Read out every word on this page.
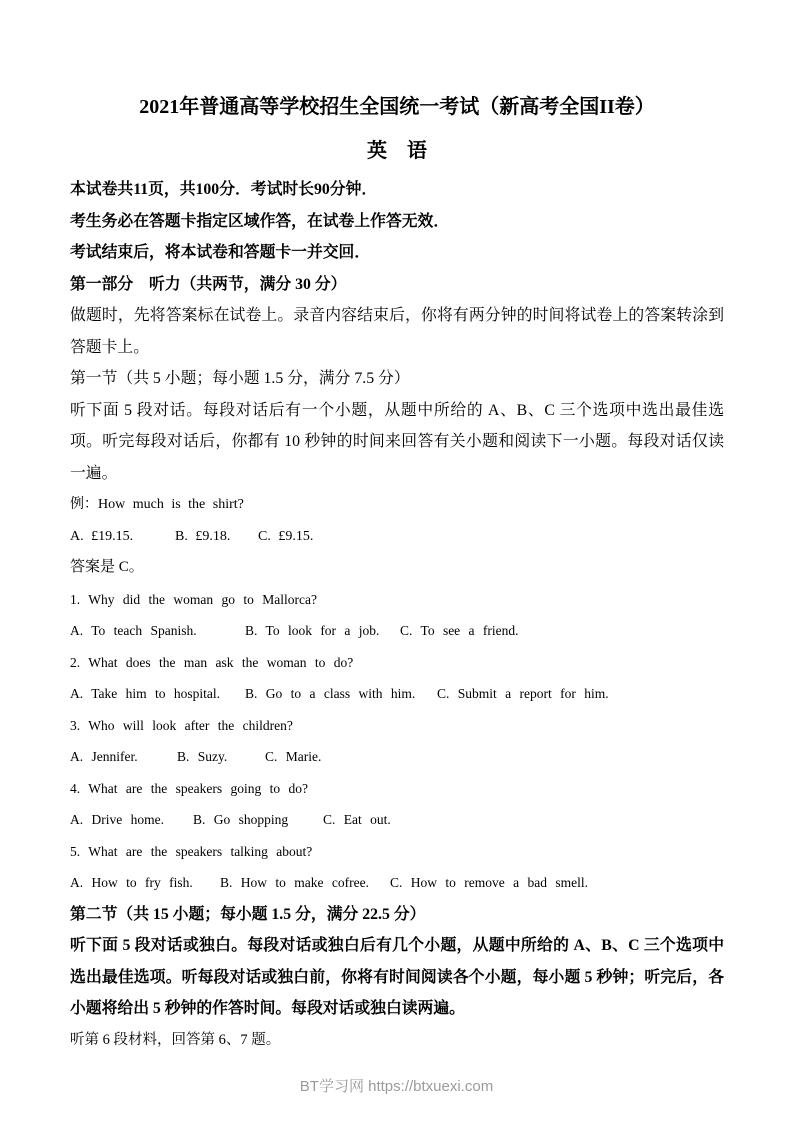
2021年普通高等学校招生全国统一考试（新高考全国II卷）
英　语

本试卷共11页，共100分．考试时长90分钟．

考生务必在答题卡指定区域作答，在试卷上作答无效．

考试结束后，将本试卷和答题卡一并交回．

第一部分　听力（共两节，满分 30 分）

做题时，先将答案标在试卷上。录音内容结束后，你将有两分钟的时间将试卷上的答案转涂到答题卡上。

第一节（共 5 小题；每小题 1.5 分，满分 7.5 分）

听下面 5 段对话。每段对话后有一个小题，从题中所给的 A、B、C 三个选项中选出最佳选项。听完每段对话后，你都有 10 秒钟的时间来回答有关小题和阅读下一小题。每段对话仅读一遍。

例：How much is the shirt?

A. £19.15.	B. £9.18.	C. £9.15.

答案是 C。

1. Why did the woman go to Mallorca?

A. To teach Spanish.	B. To look for a job.	C. To see a friend.

2. What does the man ask the woman to do?

A. Take him to hospital.	B. Go to a class with him.	C. Submit a report for him.

3. Who will look after the children?

A. Jennifer.	B. Suzy.	C. Marie.

4. What are the speakers going to do?

A. Drive home.	B. Go shopping	C. Eat out.

5. What are the speakers talking about?

A. How to fry fish.	B. How to make cofree.	C. How to remove a bad smell.

第二节（共 15 小题；每小题 1.5 分，满分 22.5 分）

听下面 5 段对话或独白。每段对话或独白后有几个小题，从题中所给的 A、B、C 三个选项中选出最佳选项。听每段对话或独白前，你将有时间阅读各个小题，每小题 5 秒钟；听完后，各小题将给出 5 秒钟的作答时间。每段对话或独白读两遍。

听第 6 段材料，回答第 6、7 题。

BT学习网 https://btxuexi.com
